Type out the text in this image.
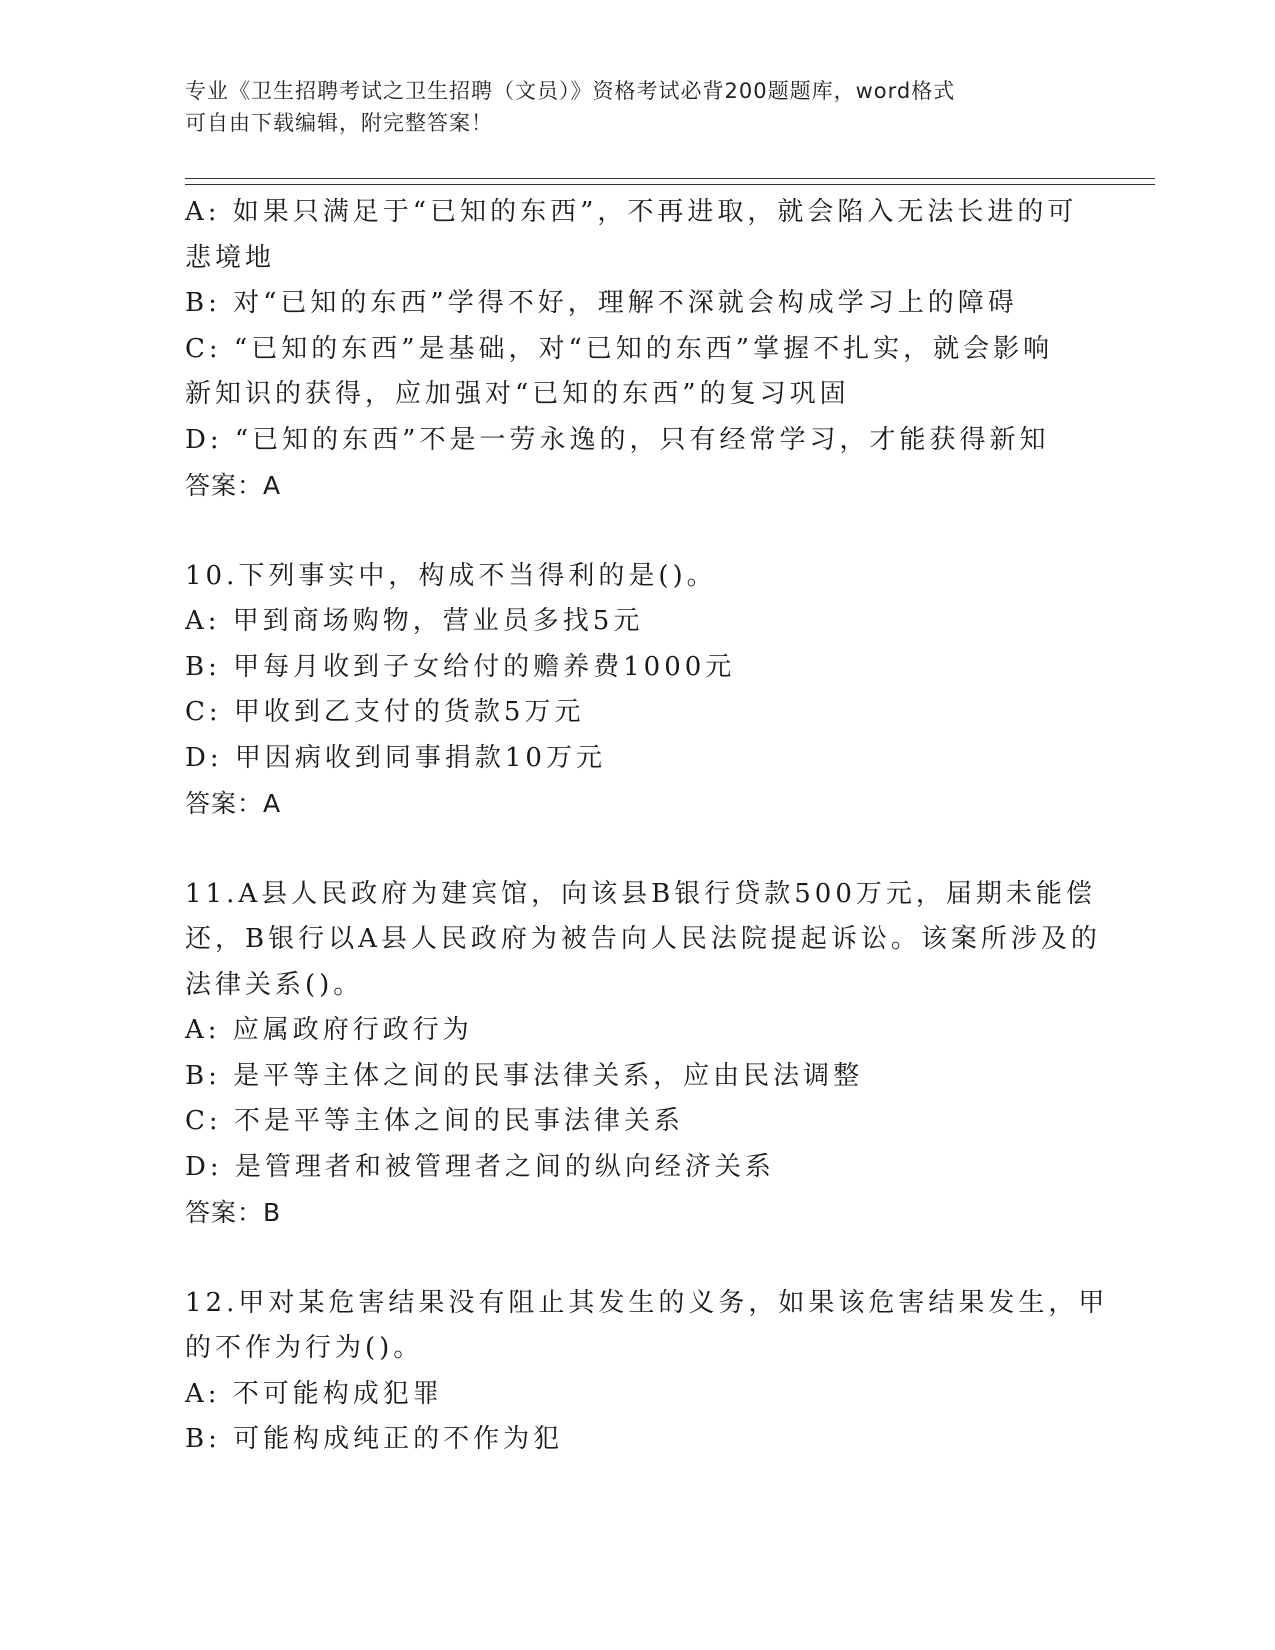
专业《卫生招聘考试之卫生招聘（文员）》资格考试必背200题题库，word格式
可自由下载编辑，附完整答案！
A: 如果只满足于“已知的东西”，不再进取，就会陷入无法长进的可
悲境地
B: 对“已知的东西”学得不好，理解不深就会构成学习上的障碍
C: “已知的东西”是基础，对“已知的东西”掌握不扎实，就会影响
新知识的获得，应加强对“已知的东西”的复习巩固
D: “已知的东西”不是一劳永逸的，只有经常学习，才能获得新知
答案：A
10.下列事实中，构成不当得利的是()。
A: 甲到商场购物，营业员多找5元
B: 甲每月收到子女给付的赡养费1000元
C: 甲收到乙支付的货款5万元
D: 甲因病收到同事捐款10万元
答案：A
11.A县人民政府为建宾馆，向该县B银行贷款500万元，届期未能偿
还，B银行以A县人民政府为被告向人民法院提起诉讼。该案所涉及的
法律关系()。
A: 应属政府行政行为
B: 是平等主体之间的民事法律关系，应由民法调整
C: 不是平等主体之间的民事法律关系
D: 是管理者和被管理者之间的纵向经济关系
答案：B
12.甲对某危害结果没有阻止其发生的义务，如果该危害结果发生，甲
的不作为行为()。
A: 不可能构成犯罪
B: 可能构成纯正的不作为犯
